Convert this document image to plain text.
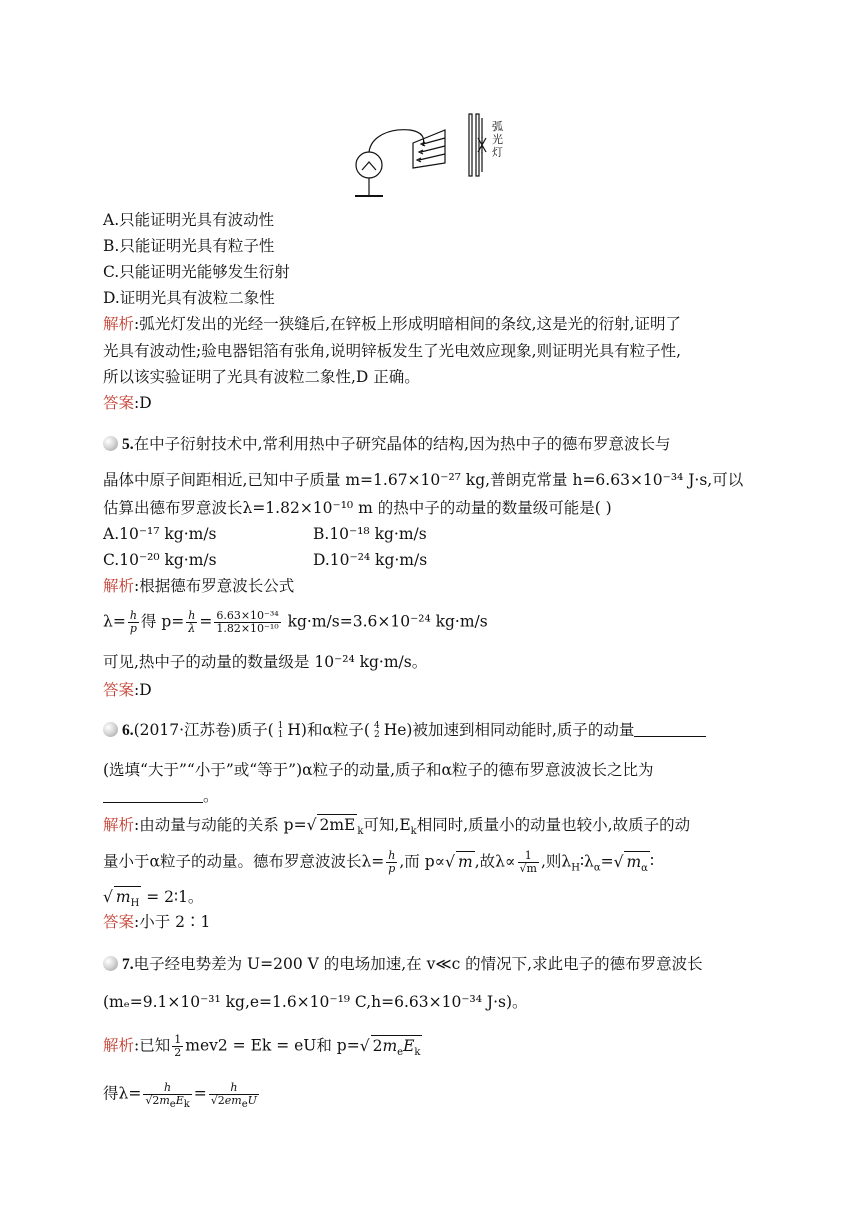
弧光灯
A.只能证明光具有波动性
B.只能证明光具有粒子性
C.只能证明光能够发生衍射
D.证明光具有波粒二象性
解析:弧光灯发出的光经一狭缝后,在锌板上形成明暗相间的条纹,这是光的衍射,证明了
光具有波动性;验电器铝箔有张角,说明锌板发生了光电效应现象,则证明光具有粒子性,
所以该实验证明了光具有波粒二象性,D 正确。
答案:D
5.在中子衍射技术中,常利用热中子研究晶体的结构,因为热中子的德布罗意波长与
晶体中原子间距相近,已知中子质量 m=1.67×10⁻²⁷ kg,普朗克常量 h=6.63×10⁻³⁴ J·s,可以
估算出德布罗意波长λ=1.82×10⁻¹⁰ m 的热中子的动量的数量级可能是( )
A.10⁻¹⁷ kg·m/s	B.10⁻¹⁸ kg·m/s
C.10⁻²⁰ kg·m/s	D.10⁻²⁴ kg·m/s
解析:根据德布罗意波长公式
$\lambda= \frac{h}{p}$ 得 $p= \frac{h}{\lambda} = \frac{\text{6.63×10⁻³⁴}}{\text{1.82×10⁻¹⁰}} kg\cdot m/s=3.6\times 10^{-24}$ kg·m/s
可见,热中子的动量的数量级是 10⁻²⁴ kg·m/s。
答案:D
6.(2017·江苏卷)质子( 1
1 H)和α粒子( 4
2 He)被加速到相同动能时,质子的动量
(选填“大于”“小于”或“等于”)α粒子的动量,质子和α粒子的德布罗意波波长之比为
。
解析:由动量与动能的关系 p=√ 2mE $_k$可知$,E_k$相同时,质量小的动量也较小,故质子的动
量小于α粒子的动量。德布罗意波波长$\lambda= \frac{h}{p}$ ,而 p∝√ m ,故$\lambda\propto \frac{1}{√m}$ ,则$\lambda_H∶\lambda_\alpha=√$ $m_\alpha$ ∶
√ $m_H$ = 2∶1。
答案:小于 2∶1
7.电子经电势差为 U=200 V 的电场加速,在 v≪c 的情况下,求此电子的德布罗意波长
(mₑ=9.1×10⁻³¹ kg,e=1.6×10⁻¹⁹ C,h=6.63×10⁻³⁴ J·s)。
解析:已知 $\frac{1}{2} mev2 = Ek$ = eU和 p=√ $2m_eE_k$
得$\lambda= \frac{h}{√2m_eE_k} = \frac{h}{√2em_eU}$
